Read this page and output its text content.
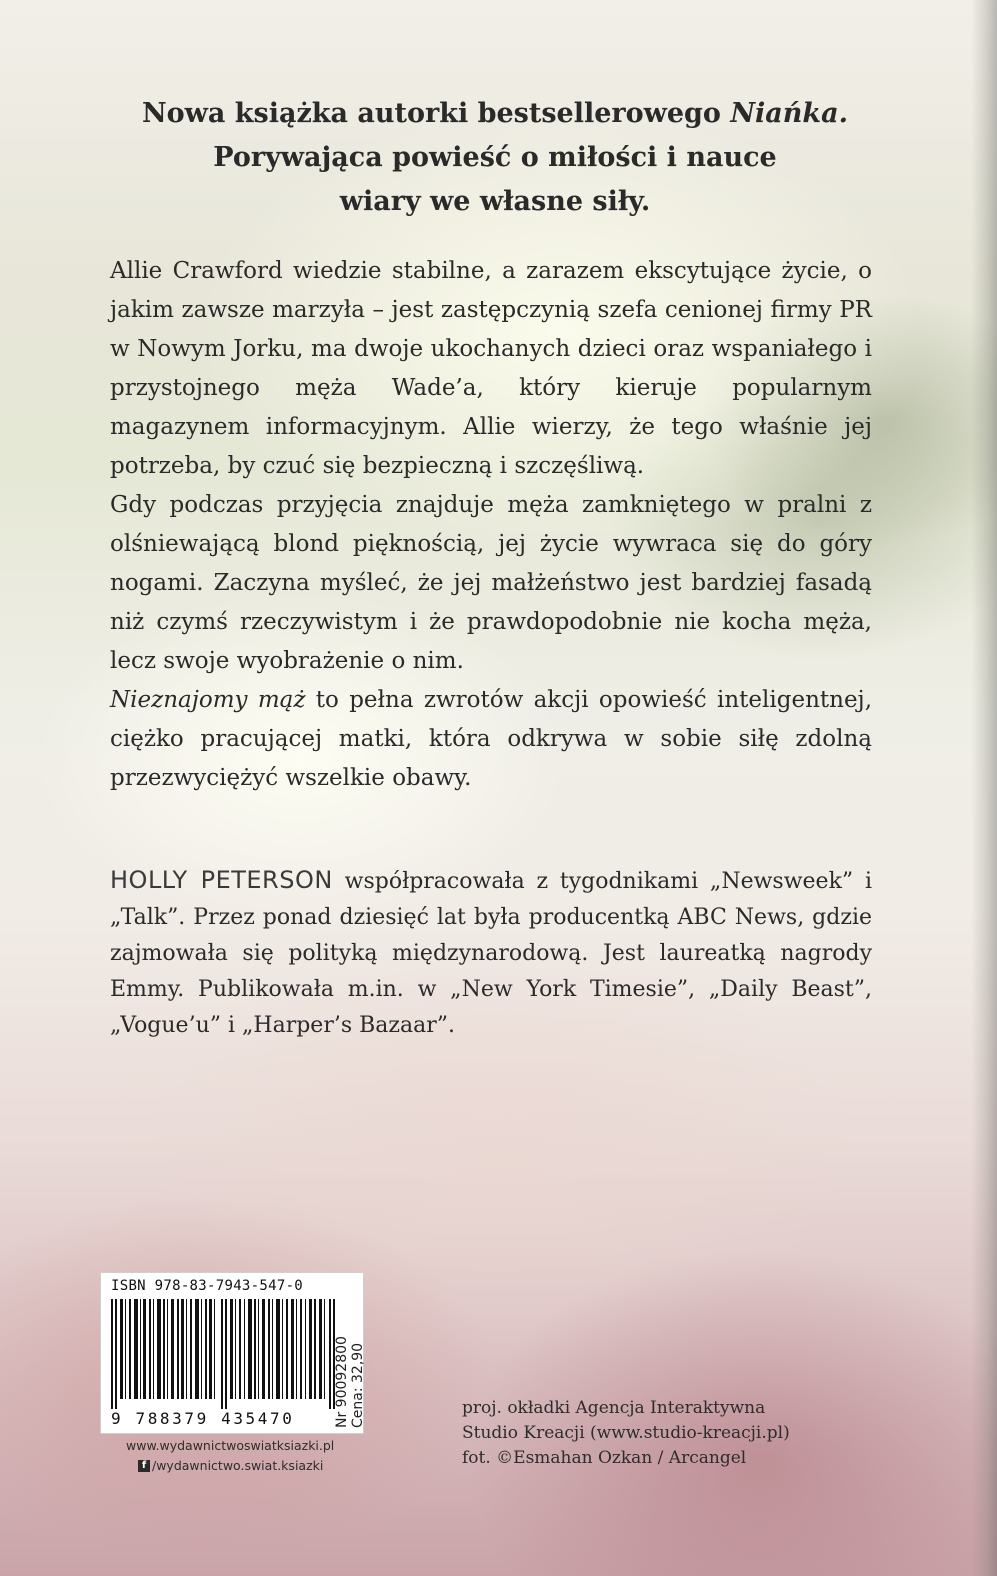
Nowa książka autorki bestsellerowego Niańka.

Porywająca powieść o miłości i nauce

wiary we własne siły.

Allie Crawford wiedzie stabilne, a zarazem ekscytujące życie, o jakim zawsze marzyła – jest zastępczynią szefa cenionej firmy PR w Nowym Jorku, ma dwoje ukochanych dzieci oraz wspaniałego i przystojnego męża Wade’a, który kieruje popularnym magazynem informacyjnym. Allie wierzy, że tego właśnie jej potrzeba, by czuć się bezpieczną i szczęśliwą.

Gdy podczas przyjęcia znajduje męża zamkniętego w pralni z olśniewającą blond pięknością, jej życie wywraca się do góry nogami. Zaczyna myśleć, że jej małżeństwo jest bardziej fasadą niż czymś rzeczywistym i że prawdopodobnie nie kocha męża, lecz swoje wyobrażenie o nim.

Nieznajomy mąż to pełna zwrotów akcji opowieść inteligentnej, ciężko pracującej matki, która odkrywa w sobie siłę zdolną przezwyciężyć wszelkie obawy.

HOLLY PETERSON współpracowała z tygodnikami „Newsweek” i „Talk”. Przez ponad dziesięć lat była producentką ABC News, gdzie zajmowała się polityką międzynarodową. Jest laureatką nagrody Emmy. Publikowała m.in. w „New York Timesie”, „Daily Beast”, „Vogue’u” i „Harper’s Bazaar”.

ISBN 978-83-7943-547-0
9 788379 435470	Nr 90092800 Cena: 32,90
www.wydawnictwoswiatksiazki.pl
f /wydawnictwo.swiat.ksiazki

proj. okładki Agencja Interaktywna

Studio Kreacji (www.studio-kreacji.pl)

fot. ©Esmahan Ozkan / Arcangel
